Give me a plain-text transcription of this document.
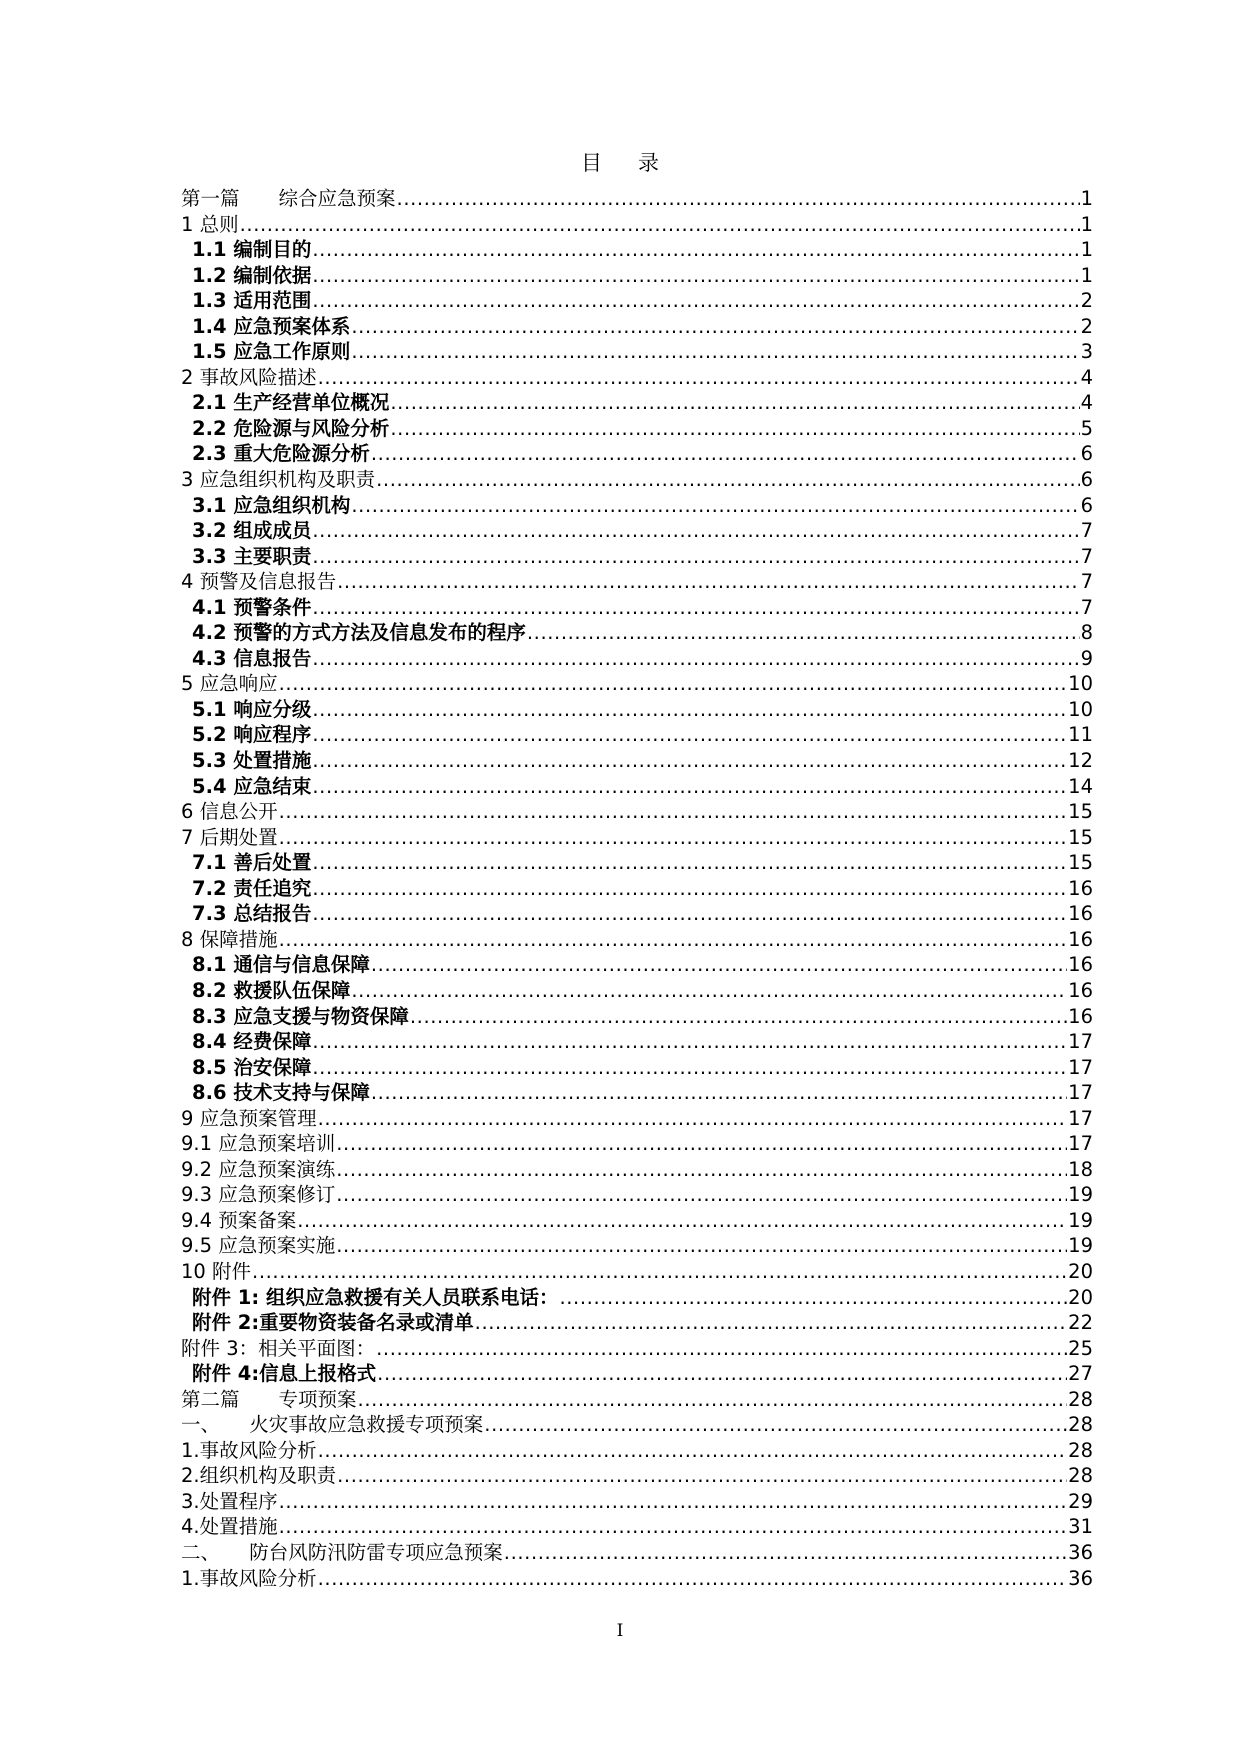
目 录
第一篇　　综合应急预案 .....	1
1 总则 .....	1
1.1 编制目的 .....	1
1.2 编制依据 .....	1
1.3 适用范围 .....	2
1.4 应急预案体系 .....	2
1.5 应急工作原则 .....	3
2 事故风险描述 .....	4
2.1 生产经营单位概况 .....	4
2.2 危险源与风险分析 .....	5
2.3 重大危险源分析 .....	6
3 应急组织机构及职责 .....	6
3.1 应急组织机构 .....	6
3.2 组成成员 .....	7
3.3 主要职责 .....	7
4 预警及信息报告 .....	7
4.1 预警条件 .....	7
4.2 预警的方式方法及信息发布的程序 .....	8
4.3 信息报告 .....	9
5 应急响应 .....	10
5.1 响应分级 .....	10
5.2 响应程序 .....	11
5.3 处置措施 .....	12
5.4 应急结束 .....	14
6 信息公开 .....	15
7 后期处置 .....	15
7.1 善后处置 .....	15
7.2 责任追究 .....	16
7.3 总结报告 .....	16
8 保障措施 .....	16
8.1 通信与信息保障 .....	16
8.2 救援队伍保障 .....	16
8.3 应急支援与物资保障 .....	16
8.4 经费保障 .....	17
8.5 治安保障 .....	17
8.6 技术支持与保障 .....	17
9 应急预案管理 .....	17
9.1 应急预案培训 .....	17
9.2 应急预案演练 .....	18
9.3 应急预案修订 .....	19
9.4 预案备案 .....	19
9.5 应急预案实施 .....	19
10 附件 .....	20
附件 1: 组织应急救援有关人员联系电话： .....	20
附件 2:重要物资装备名录或清单 .....	22
附件 3：相关平面图： .....	25
附件 4:信息上报格式 .....	27
第二篇　　专项预案 .....	28
一、　　火灾事故应急救援专项预案 .....	28
1.事故风险分析 .....	28
2.组织机构及职责 .....	28
3.处置程序 .....	29
4.处置措施 .....	31
二、　　防台风防汛防雷专项应急预案 .....	36
1.事故风险分析 .....	36
I
